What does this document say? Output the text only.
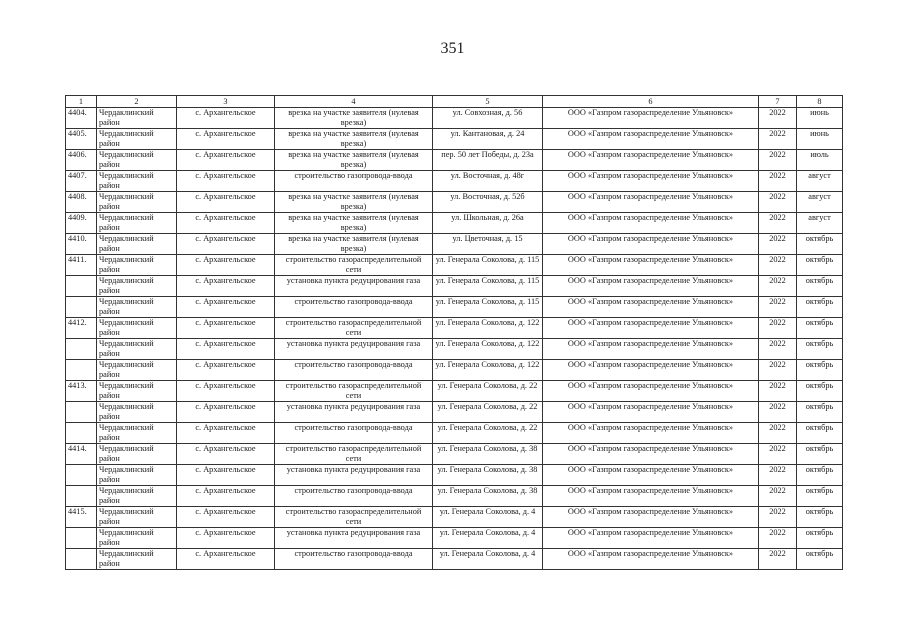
351
1	2	3	4	5	6	7	8
4404.	Чердаклинский район	с. Архангельское	врезка на участке заявителя (нулевая врезка)	ул. Совхозная, д. 56	ООО «Газпром газораспределение Ульяновск»	2022	июнь
4405.	Чердаклинский район	с. Архангельское	врезка на участке заявителя (нулевая врезка)	ул. Кантановая, д. 24	ООО «Газпром газораспределение Ульяновск»	2022	июнь
4406.	Чердаклинский район	с. Архангельское	врезка на участке заявителя (нулевая врезка)	пер. 50 лет Победы, д. 23а	ООО «Газпром газораспределение Ульяновск»	2022	июль
4407.	Чердаклинский район	с. Архангельское	строительство газопровода-ввода	ул. Восточная, д. 48г	ООО «Газпром газораспределение Ульяновск»	2022	август
4408.	Чердаклинский район	с. Архангельское	врезка на участке заявителя (нулевая врезка)	ул. Восточная, д. 52б	ООО «Газпром газораспределение Ульяновск»	2022	август
4409.	Чердаклинский район	с. Архангельское	врезка на участке заявителя (нулевая врезка)	ул. Школьная, д. 26а	ООО «Газпром газораспределение Ульяновск»	2022	август
4410.	Чердаклинский район	с. Архангельское	врезка на участке заявителя (нулевая врезка)	ул. Цветочная, д. 15	ООО «Газпром газораспределение Ульяновск»	2022	октябрь
4411.	Чердаклинский район	с. Архангельское	строительство газораспределительной сети	ул. Генерала Соколова, д. 115	ООО «Газпром газораспределение Ульяновск»	2022	октябрь
	Чердаклинский район	с. Архангельское	установка пункта редуцирования газа	ул. Генерала Соколова, д. 115	ООО «Газпром газораспределение Ульяновск»	2022	октябрь
	Чердаклинский район	с. Архангельское	строительство газопровода-ввода	ул. Генерала Соколова, д. 115	ООО «Газпром газораспределение Ульяновск»	2022	октябрь
4412.	Чердаклинский район	с. Архангельское	строительство газораспределительной сети	ул. Генерала Соколова, д. 122	ООО «Газпром газораспределение Ульяновск»	2022	октябрь
	Чердаклинский район	с. Архангельское	установка пункта редуцирования газа	ул. Генерала Соколова, д. 122	ООО «Газпром газораспределение Ульяновск»	2022	октябрь
	Чердаклинский район	с. Архангельское	строительство газопровода-ввода	ул. Генерала Соколова, д. 122	ООО «Газпром газораспределение Ульяновск»	2022	октябрь
4413.	Чердаклинский район	с. Архангельское	строительство газораспределительной сети	ул. Генерала Соколова, д. 22	ООО «Газпром газораспределение Ульяновск»	2022	октябрь
	Чердаклинский район	с. Архангельское	установка пункта редуцирования газа	ул. Генерала Соколова, д. 22	ООО «Газпром газораспределение Ульяновск»	2022	октябрь
	Чердаклинский район	с. Архангельское	строительство газопровода-ввода	ул. Генерала Соколова, д. 22	ООО «Газпром газораспределение Ульяновск»	2022	октябрь
4414.	Чердаклинский район	с. Архангельское	строительство газораспределительной сети	ул. Генерала Соколова, д. 38	ООО «Газпром газораспределение Ульяновск»	2022	октябрь
	Чердаклинский район	с. Архангельское	установка пункта редуцирования газа	ул. Генерала Соколова, д. 38	ООО «Газпром газораспределение Ульяновск»	2022	октябрь
	Чердаклинский район	с. Архангельское	строительство газопровода-ввода	ул. Генерала Соколова, д. 38	ООО «Газпром газораспределение Ульяновск»	2022	октябрь
4415.	Чердаклинский район	с. Архангельское	строительство газораспределительной сети	ул. Генерала Соколова, д. 4	ООО «Газпром газораспределение Ульяновск»	2022	октябрь
	Чердаклинский район	с. Архангельское	установка пункта редуцирования газа	ул. Генерала Соколова, д. 4	ООО «Газпром газораспределение Ульяновск»	2022	октябрь
	Чердаклинский район	с. Архангельское	строительство газопровода-ввода	ул. Генерала Соколова, д. 4	ООО «Газпром газораспределение Ульяновск»	2022	октябрь
